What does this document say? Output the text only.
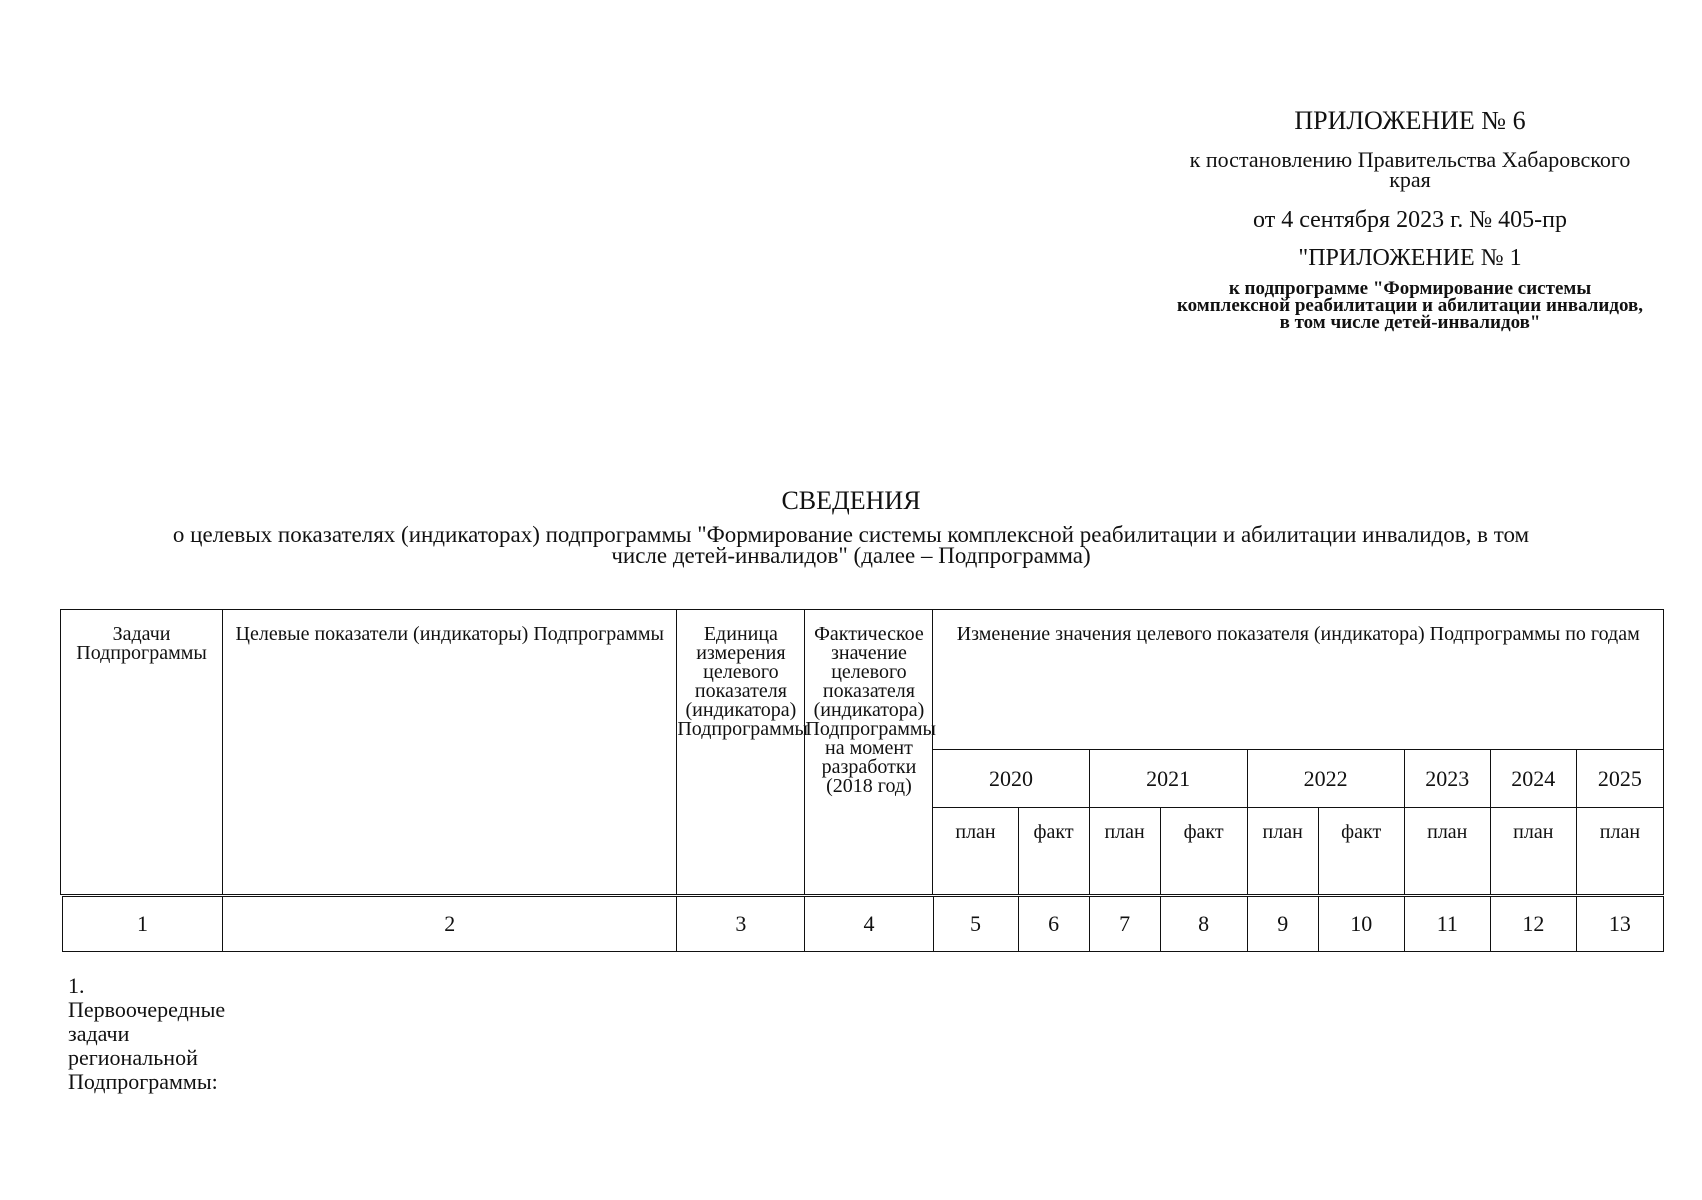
ПРИЛОЖЕНИЕ № 6
к постановлению Правительства Хабаровского края
от 4 сентября 2023 г. № 405-пр
"ПРИЛОЖЕНИЕ № 1
к подпрограмме "Формирование системы комплексной реабилитации и абилитации инвалидов, в том числе детей-инвалидов"
СВЕДЕНИЯ
о целевых показателях (индикаторах) подпрограммы "Формирование системы комплексной реабилитации и абилитации инвалидов, в том числе детей-инвалидов" (далее – Подпрограмма)
Задачи Подпрограммы	Целевые показатели (индикаторы) Подпрограммы	Единица измерения целевого показателя (индикатора) Подпрограммы	Фактическое значение целевого показателя (индикатора) Подпрограммы на момент разработки (2018 год)	Изменение значения целевого показателя (индикатора) Подпрограммы по годам								
				2020		2021		2022		2023	2024	2025
				план	факт	план	факт	план	факт	план	план	план
1	2	3	4	5	6	7	8	9	10	11	12	13
1. Первоочередные задачи региональной Подпрограммы:
